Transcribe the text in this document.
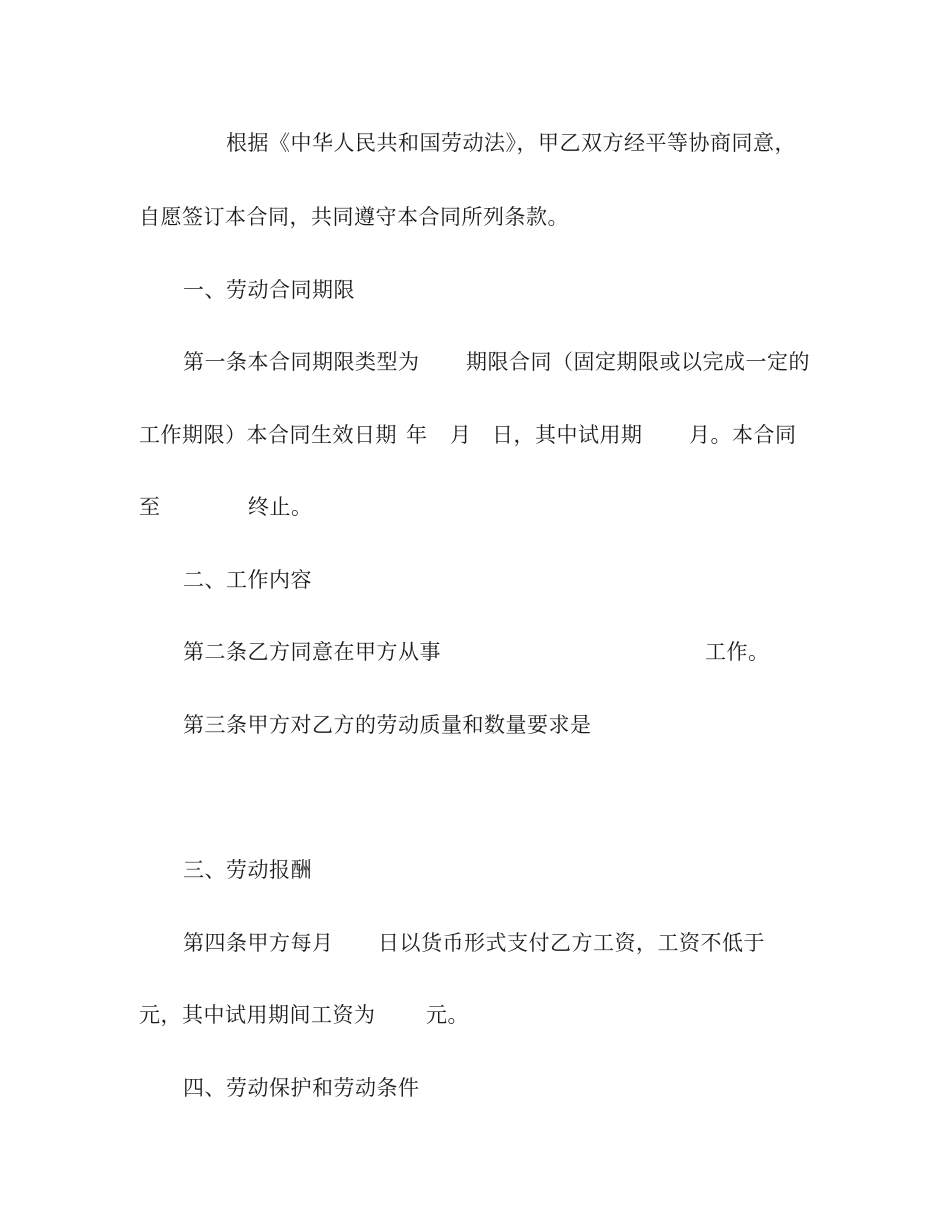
根据《中华人民共和国劳动法》，甲乙双方经平等协商同意，
自愿签订本合同，共同遵守本合同所列条款。
一、劳动合同期限
第一条本合同期限类型为 期限合同（固定期限或以完成一定的
工作期限）本合同生效日期 年 月 日，其中试用期 月。本合同
至	终止。
二、工作内容
第二条乙方同意在甲方从事	工作。
第三条甲方对乙方的劳动质量和数量要求是
三、劳动报酬
第四条甲方每月 日以货币形式支付乙方工资，工资不低于
元，其中试用期间工资为 元。
四、劳动保护和劳动条件
